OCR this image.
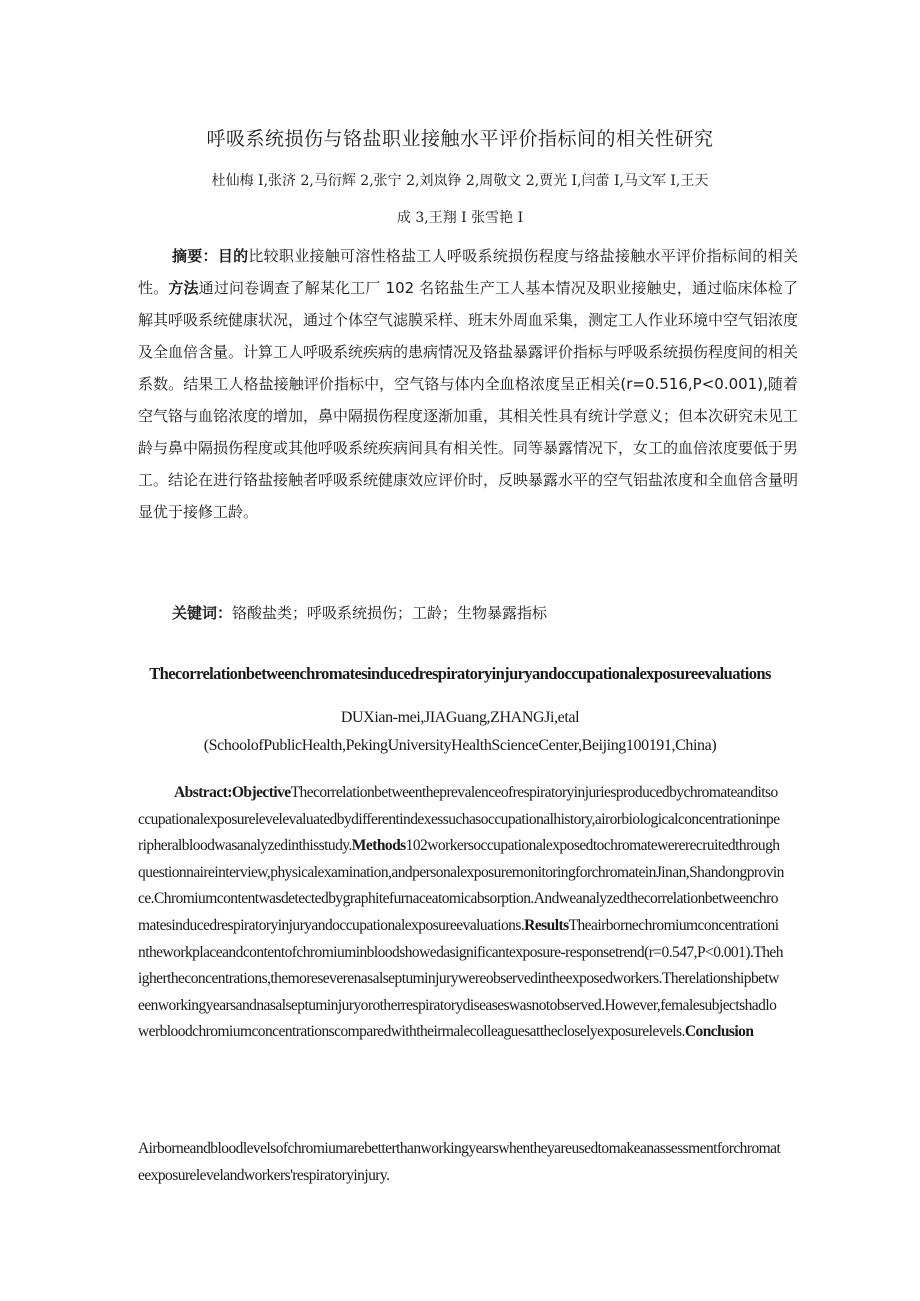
呼吸系统损伤与铬盐职业接触水平评价指标间的相关性研究
杜仙梅 I,张济 2,马衍辉 2,张宁 2,刘岚铮 2,周敬文 2,贾光 I,闫蕾 I,马文军 I,王天
成 3,王翔 I 张雪艳 I

摘要：目的比较职业接触可溶性格盐工人呼吸系统损伤程度与络盐接触水平评价指标间的相关性。方法通过问卷调查了解某化工厂 102 名铭盐生产工人基本情况及职业接触史，通过临床体检了解其呼吸系统健康状况，通过个体空气滤膜采样、班末外周血采集，测定工人作业环境中空气铝浓度及全血倍含量。计算工人呼吸系统疾病的患病情况及铬盐暴露评价指标与呼吸系统损伤程度间的相关系数。结果工人格盐接触评价指标中，空气铬与体内全血格浓度呈正相关(r=0.516,P<0.001),随着空气铬与血铭浓度的增加，鼻中隔损伤程度逐渐加重，其相关性具有统计学意义；但本次研究未见工龄与鼻中隔损伤程度或其他呼吸系统疾病间具有相关性。同等暴露情况下，女工的血倍浓度要低于男工。结论在进行铬盐接触者呼吸系统健康效应评价时，反映暴露水平的空气铝盐浓度和全血倍含量明显优于接修工龄。

关键词：铬酸盐类；呼吸系统损伤；工龄；生物暴露指标

Thecorrelationbetweenchromatesinducedrespiratoryinjuryandoccupationalexposureevaluations
DUXian-mei,JIAGuang,ZHANGJi,etal
(SchoolofPublicHealth,PekingUniversityHealthScienceCenter,Beijing100191,China)

Abstract:ObjectiveThecorrelationbetweentheprevalenceofrespiratoryinjuriesproducedbychromateanditsoccupationalexposurelevelevaluatedbydifferentindexessuchasoccupationalhistory,airorbiologicalconcentrationinperipheralbloodwasanalyzedinthisstudy.Methods102workersoccupationalexposedtochromatewererecruitedthroughquestionnaireinterview,physicalexamination,andpersonalexposuremonitoringforchromateinJinan,Shandongprovince.Chromiumcontentwasdetectedbygraphitefurnaceatomicabsorption.Andweanalyzedthecorrelationbetweenchromatesinducedrespiratoryinjuryandoccupationalexposureevaluations.ResultsTheairbornechromiumconcentrationintheworkplaceandcontentofchromiuminbloodshowedasignificantexposure-responsetrend(r=0.547,P<0.001).Thehighertheconcentrations,themoreseverenasalseptuminjurywereobservedintheexposedworkers.Therelationshipbetweenworkingyearsandnasalseptuminjuryorotherrespiratorydiseaseswasnotobserved.However,femalesubjectshadlowerbloodchromiumconcentrationscomparedwiththeirmalecolleaguesatthecloselyexposurelevels.Conclusion

Airborneandbloodlevelsofchromiumarebetterthanworkingyearswhentheyareusedtomakeanassessmentforchromateexposurelevelandworkers'respiratoryinjury.
